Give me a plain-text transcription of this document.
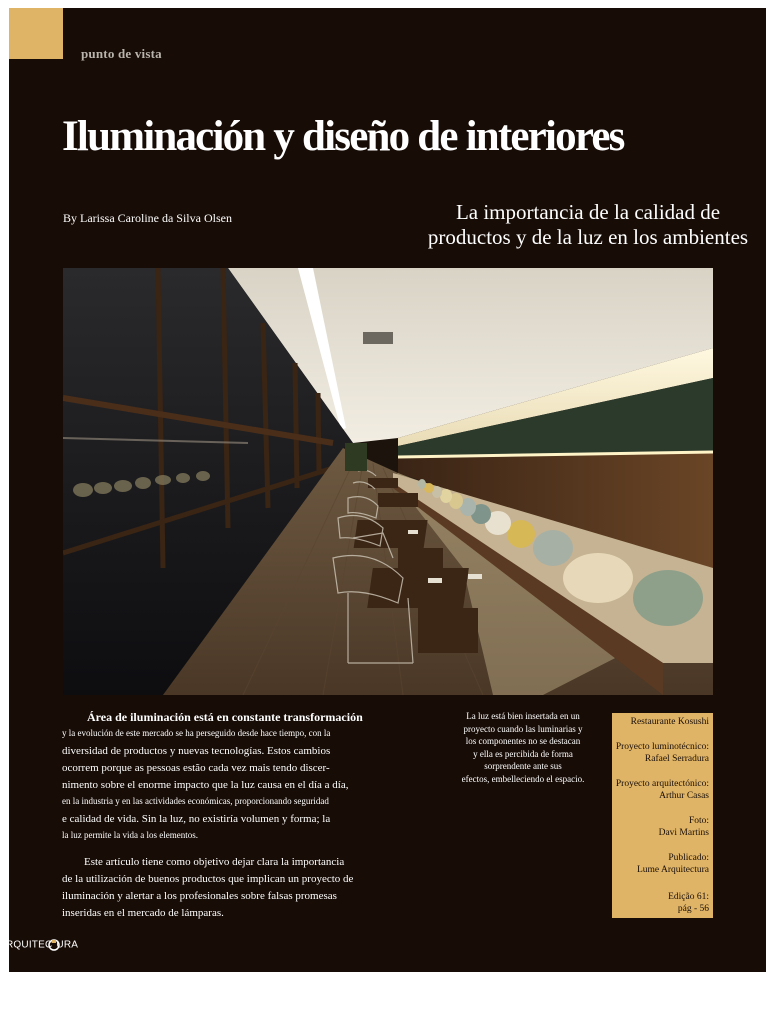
punto de vista
Iluminación y diseño de interiores
By Larissa Caroline da Silva Olsen	La importancia de la calidad de
productos y de la luz en los ambientes
Área de iluminación está en constante transformación
y la evolución de este mercado se ha perseguido desde hace tiempo, con la
diversidad de productos y nuevas tecnologías. Estos cambios
ocorrem porque as pessoas estão cada vez mais tendo discer-
nimento sobre el enorme impacto que la luz causa en el día a día,
en la industria y en las actividades económicas, proporcionando seguridad
e calidad de vida. Sin la luz, no existiría volumen y forma; la
la luz permite la vida a los elementos.
Este artículo tiene como objetivo dejar clara la importancia
de la utilización de buenos productos que implican un proyecto de
iluminación y alertar a los profesionales sobre falsas promesas
inseridas en el mercado de lámparas.
La luz está bien insertada en un
proyecto cuando las luminarias y
los componentes no se destacan
y ella es percibida de forma
sorprendente ante sus
efectos, embelleciendo el espacio.
Restaurante Kosushi
Proyecto luminotécnico:
Rafael Serradura
Proyecto arquitectónico:
Arthur Casas
Foto:
Davi Martins
Publicado:
Lume Arquitectura
Edição 61:
pág - 56
RQUITEC URA
